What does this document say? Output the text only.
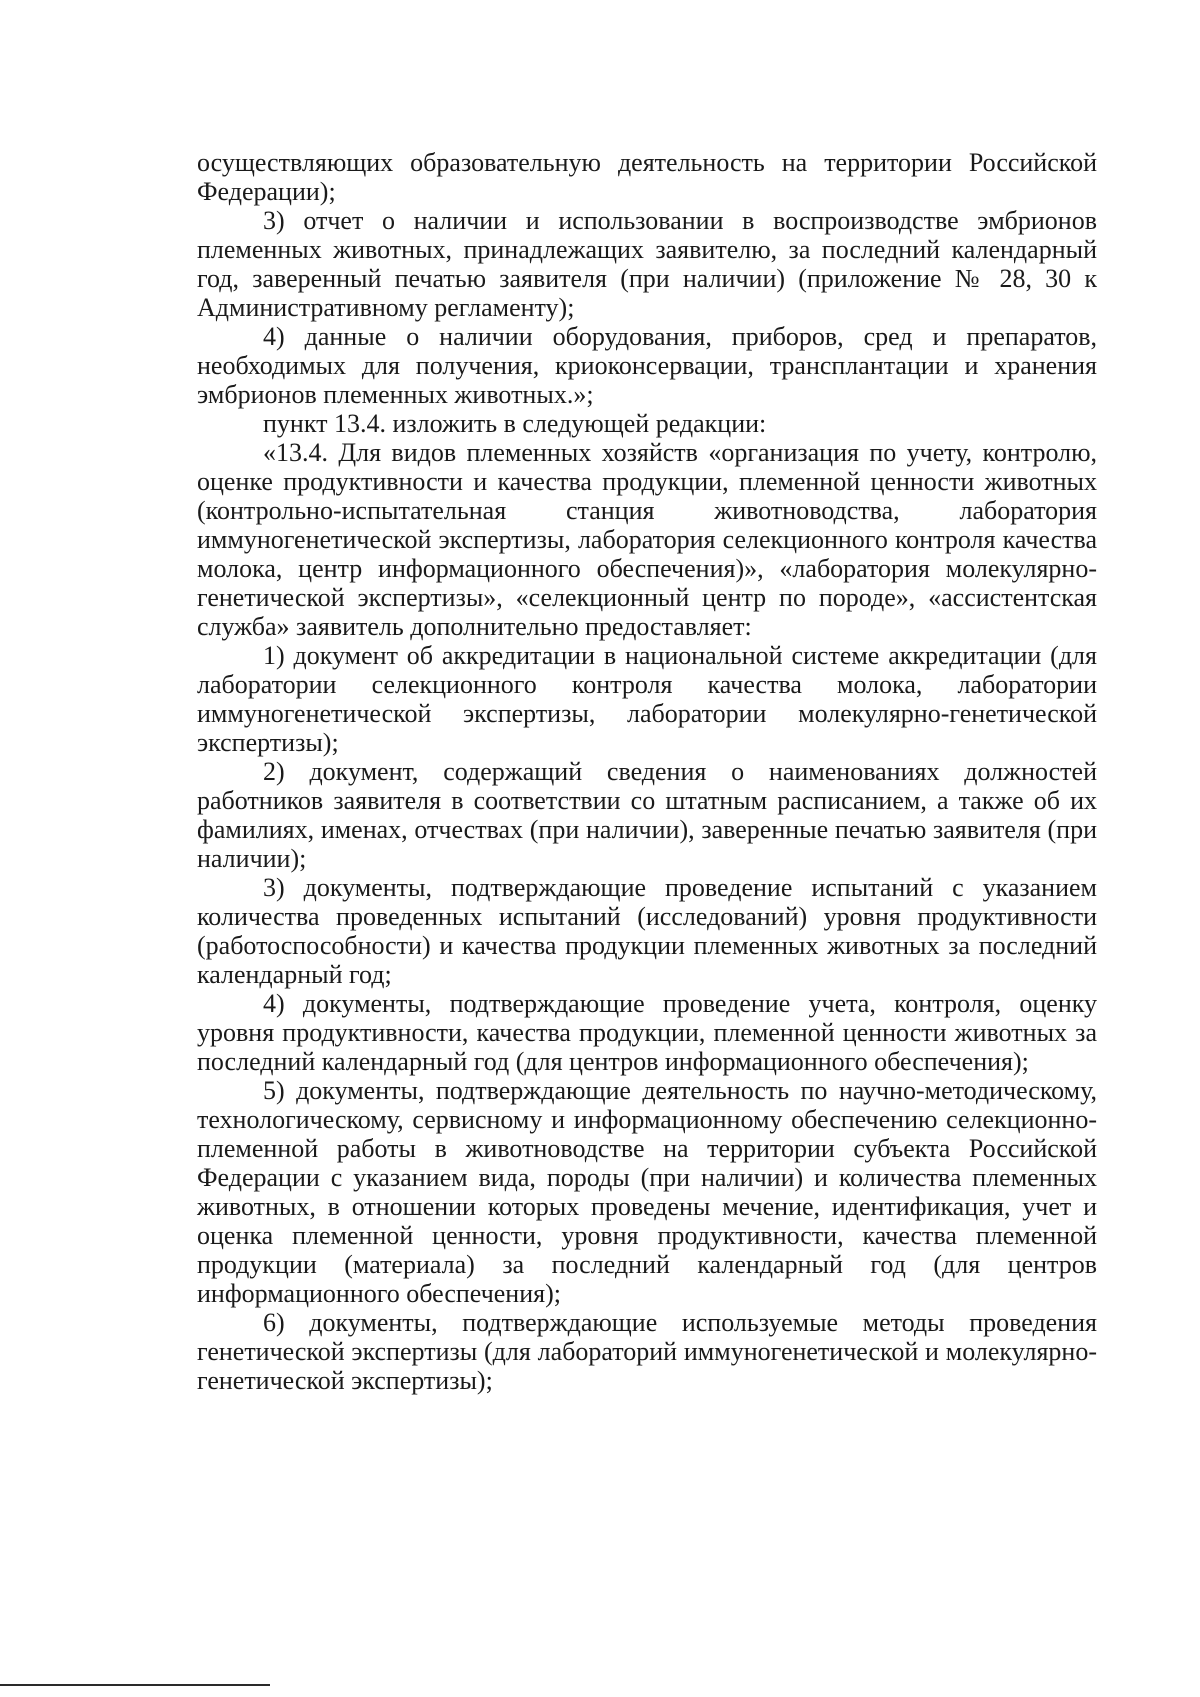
осуществляющих образовательную деятельность на территории Российской Федерации);

3) отчет о наличии и использовании в воспроизводстве эмбрионов племенных животных, принадлежащих заявителю, за последний календарный год, заверенный печатью заявителя (при наличии) (приложение № 28, 30 к Административному регламенту);

4) данные о наличии оборудования, приборов, сред и препаратов, необходимых для получения, криоконсервации, трансплантации и хранения эмбрионов племенных животных.»;

пункт 13.4. изложить в следующей редакции:

«13.4. Для видов племенных хозяйств «организация по учету, контролю, оценке продуктивности и качества продукции, племенной ценности животных (контрольно-испытательная станция животноводства, лаборатория иммуногенетической экспертизы, лаборатория селекционного контроля качества молока, центр информационного обеспечения)», «лаборатория молекулярно-генетической экспертизы», «селекционный центр по породе», «ассистентская служба» заявитель дополнительно предоставляет:

1) документ об аккредитации в национальной системе аккредитации (для лаборатории селекционного контроля качества молока, лаборатории иммуногенетической экспертизы, лаборатории молекулярно-генетической экспертизы);

2) документ, содержащий сведения о наименованиях должностей работников заявителя в соответствии со штатным расписанием, а также об их фамилиях, именах, отчествах (при наличии), заверенные печатью заявителя (при наличии);

3) документы, подтверждающие проведение испытаний с указанием количества проведенных испытаний (исследований) уровня продуктивности (работоспособности) и качества продукции племенных животных за последний календарный год;

4) документы, подтверждающие проведение учета, контроля, оценку уровня продуктивности, качества продукции, племенной ценности животных за последний календарный год (для центров информационного обеспечения);

5) документы, подтверждающие деятельность по научно-методическому, технологическому, сервисному и информационному обеспечению селекционно-племенной работы в животноводстве на территории субъекта Российской Федерации с указанием вида, породы (при наличии) и количества племенных животных, в отношении которых проведены мечение, идентификация, учет и оценка племенной ценности, уровня продуктивности, качества племенной продукции (материала) за последний календарный год (для центров информационного обеспечения);

6) документы, подтверждающие используемые методы проведения генетической экспертизы (для лабораторий иммуногенетической и молекулярно-генетической экспертизы);
